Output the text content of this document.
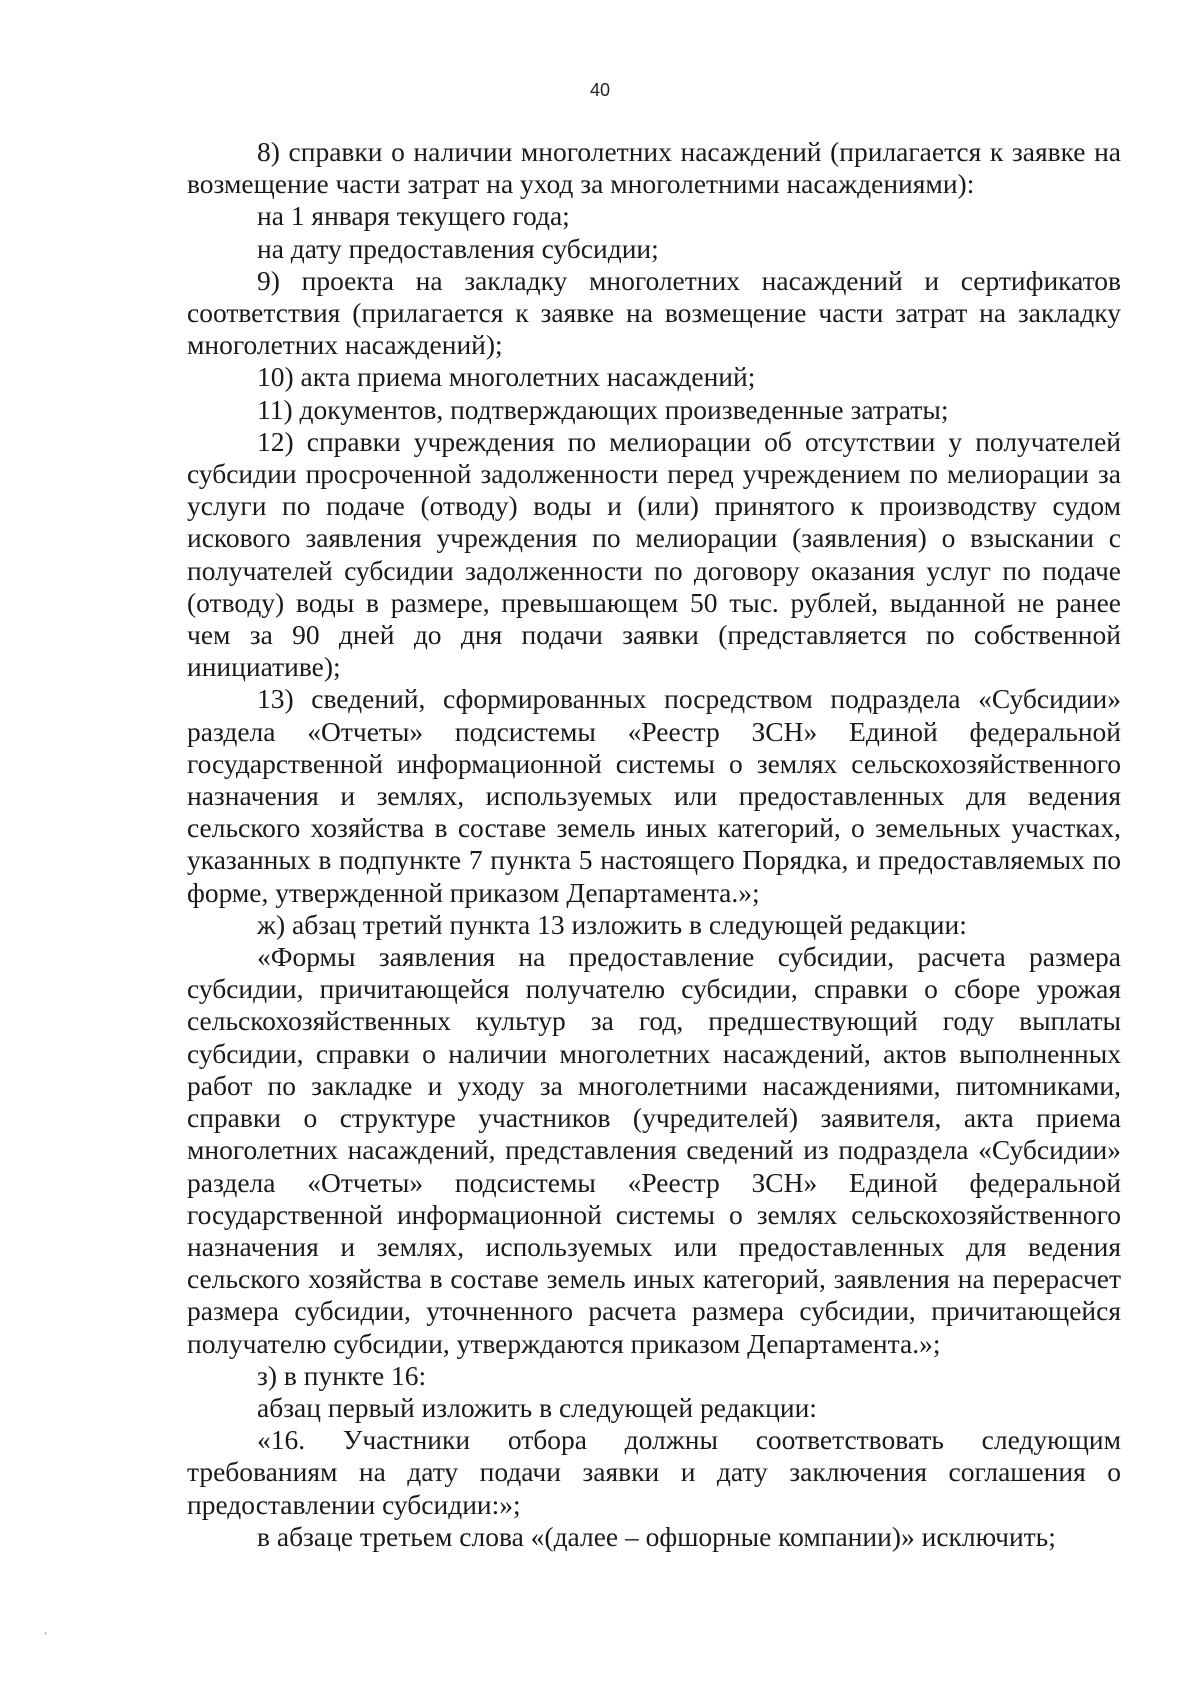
40

8) справки о наличии многолетних насаждений (прилагается к заявке на возмещение части затрат на уход за многолетними насаждениями):

на 1 января текущего года;

на дату предоставления субсидии;

9) проекта на закладку многолетних насаждений и сертификатов соответствия (прилагается к заявке на возмещение части затрат на закладку многолетних насаждений);

10) акта приема многолетних насаждений;

11) документов, подтверждающих произведенные затраты;

12) справки учреждения по мелиорации об отсутствии у получателей субсидии просроченной задолженности перед учреждением по мелиорации за услуги по подаче (отводу) воды и (или) принятого к производству судом искового заявления учреждения по мелиорации (заявления) о взыскании с получателей субсидии задолженности по договору оказания услуг по подаче (отводу) воды в размере, превышающем 50 тыс. рублей, выданной не ранее чем за 90 дней до дня подачи заявки (представляется по собственной инициативе);

13) сведений, сформированных посредством подраздела «Субсидии» раздела «Отчеты» подсистемы «Реестр ЗСН» Единой федеральной государственной информационной системы о землях сельскохозяйственного назначения и землях, используемых или предоставленных для ведения сельского хозяйства в составе земель иных категорий, о земельных участках, указанных в подпункте 7 пункта 5 настоящего Порядка, и предоставляемых по форме, утвержденной приказом Департамента.»;

ж) абзац третий пункта 13 изложить в следующей редакции:

«Формы заявления на предоставление субсидии, расчета размера субсидии, причитающейся получателю субсидии, справки о сборе урожая сельскохозяйственных культур за год, предшествующий году выплаты субсидии, справки о наличии многолетних насаждений, актов выполненных работ по закладке и уходу за многолетними насаждениями, питомниками, справки о структуре участников (учредителей) заявителя, акта приема многолетних насаждений, представления сведений из подраздела «Субсидии» раздела «Отчеты» подсистемы «Реестр ЗСН» Единой федеральной государственной информационной системы о землях сельскохозяйственного назначения и землях, используемых или предоставленных для ведения сельского хозяйства в составе земель иных категорий, заявления на перерасчет размера субсидии, уточненного расчета размера субсидии, причитающейся получателю субсидии, утверждаются приказом Департамента.»;

з) в пункте 16:

абзац первый изложить в следующей редакции:

«16. Участники отбора должны соответствовать следующим требованиям на дату подачи заявки и дату заключения соглашения о предоставлении субсидии:»;

в абзаце третьем слова «(далее – офшорные компании)» исключить;
